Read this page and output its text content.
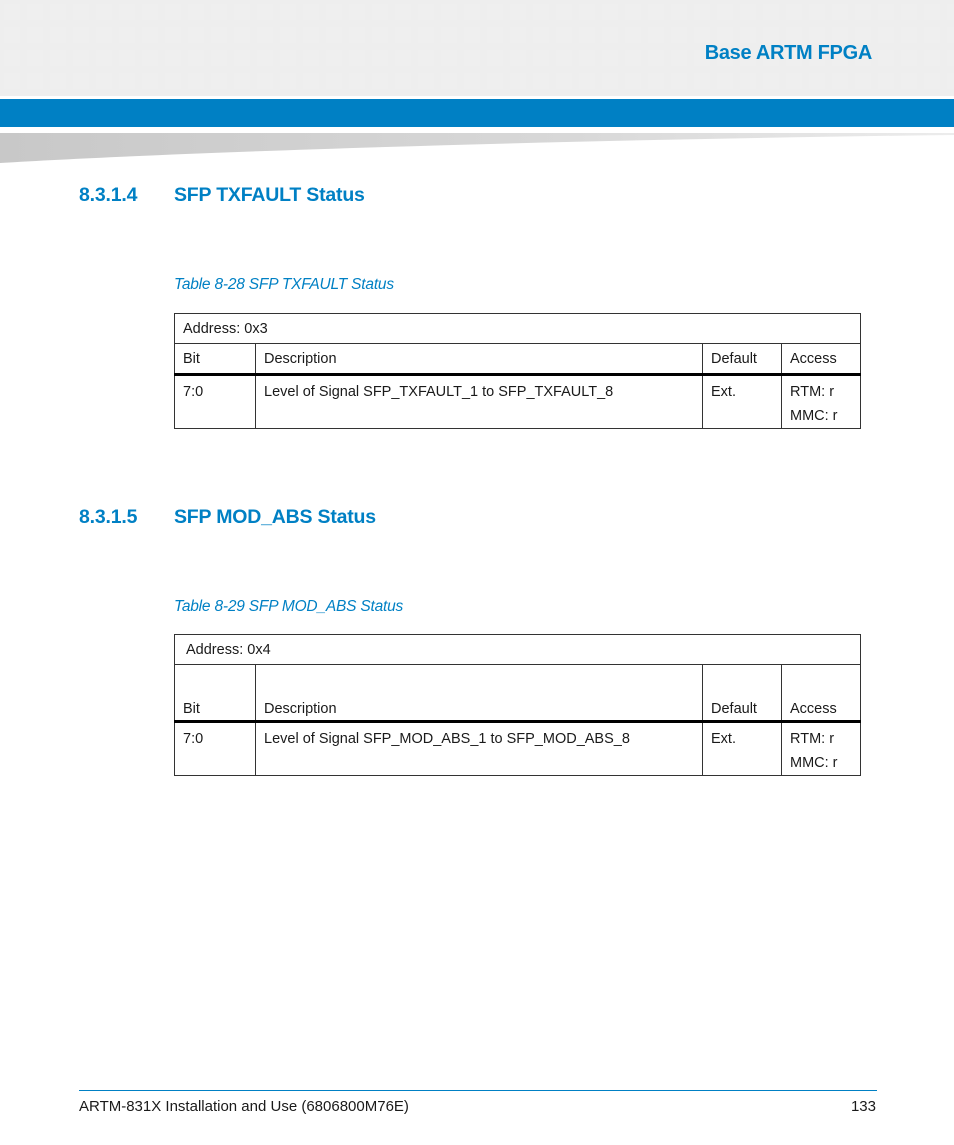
Base ARTM FPGA
8.3.1.4 SFP TXFAULT Status

Table 8-28 SFP TXFAULT Status

Address: 0x3			
Bit	Description	Default	Access
7:0	Level of Signal SFP_TXFAULT_1 to SFP_TXFAULT_8	Ext.	RTM: r
MMC: r
8.3.1.5 SFP MOD_ABS Status

Table 8-29 SFP MOD_ABS Status

Address: 0x4			
Bit	Description	Default	Access
7:0	Level of Signal SFP_MOD_ABS_1 to SFP_MOD_ABS_8	Ext.	RTM: r
MMC: r
ARTM-831X Installation and Use (6806800M76E)	133
